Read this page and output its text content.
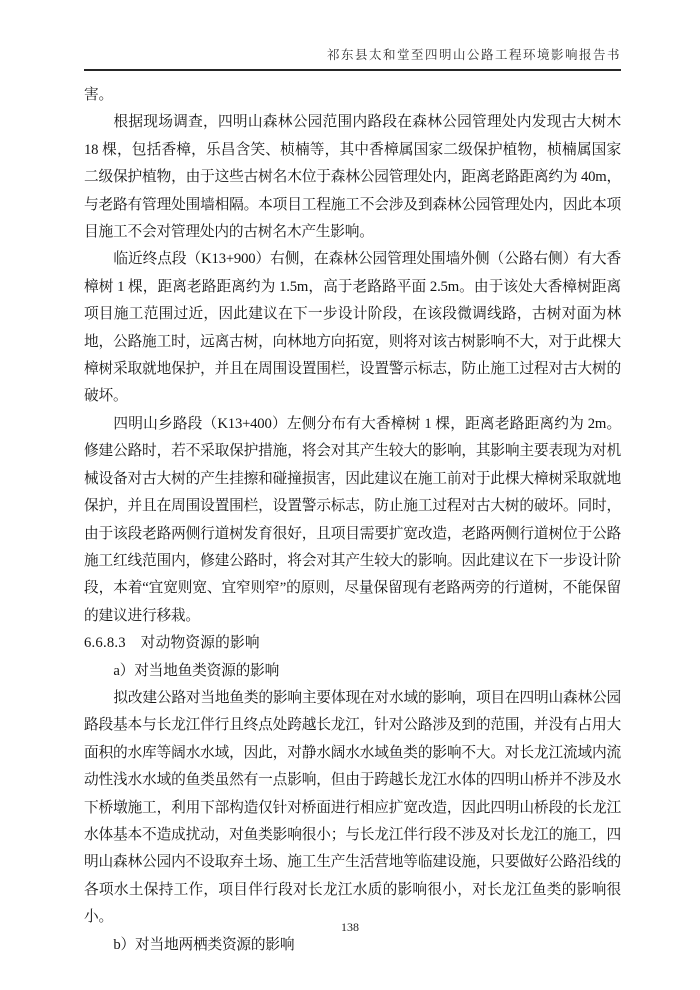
祁东县太和堂至四明山公路工程环境影响报告书

害。

根据现场调查，四明山森林公园范围内路段在森林公园管理处内发现古大树木 18 棵，包括香樟，乐昌含笑、桢楠等，其中香樟属国家二级保护植物，桢楠属国家二级保护植物，由于这些古树名木位于森林公园管理处内，距离老路距离约为 40m，与老路有管理处围墙相隔。本项目工程施工不会涉及到森林公园管理处内，因此本项目施工不会对管理处内的古树名木产生影响。

临近终点段（K13+900）右侧，在森林公园管理处围墙外侧（公路右侧）有大香樟树 1 棵，距离老路距离约为 1.5m，高于老路路平面 2.5m。由于该处大香樟树距离项目施工范围过近，因此建议在下一步设计阶段，在该段微调线路，古树对面为林地，公路施工时，远离古树，向林地方向拓宽，则将对该古树影响不大，对于此棵大樟树采取就地保护，并且在周围设置围栏，设置警示标志，防止施工过程对古大树的破坏。

四明山乡路段（K13+400）左侧分布有大香樟树 1 棵，距离老路距离约为 2m。修建公路时，若不采取保护措施，将会对其产生较大的影响，其影响主要表现为对机械设备对古大树的产生挂擦和碰撞损害，因此建议在施工前对于此棵大樟树采取就地保护，并且在周围设置围栏，设置警示标志，防止施工过程对古大树的破坏。同时，由于该段老路两侧行道树发育很好，且项目需要扩宽改造，老路两侧行道树位于公路施工红线范围内，修建公路时，将会对其产生较大的影响。因此建议在下一步设计阶段，本着“宜宽则宽、宜窄则窄”的原则，尽量保留现有老路两旁的行道树，不能保留的建议进行移栽。

6.6.8.3　对动物资源的影响

a）对当地鱼类资源的影响

拟改建公路对当地鱼类的影响主要体现在对水域的影响，项目在四明山森林公园路段基本与长龙江伴行且终点处跨越长龙江，针对公路涉及到的范围，并没有占用大面积的水库等阔水水域，因此，对静水阔水水域鱼类的影响不大。对长龙江流域内流动性浅水水域的鱼类虽然有一点影响，但由于跨越长龙江水体的四明山桥并不涉及水下桥墩施工，利用下部构造仅针对桥面进行相应扩宽改造，因此四明山桥段的长龙江水体基本不造成扰动，对鱼类影响很小；与长龙江伴行段不涉及对长龙江的施工，四明山森林公园内不设取弃土场、施工生产生活营地等临建设施，只要做好公路沿线的各项水土保持工作，项目伴行段对长龙江水质的影响很小，对长龙江鱼类的影响很小。

b）对当地两栖类资源的影响

138
